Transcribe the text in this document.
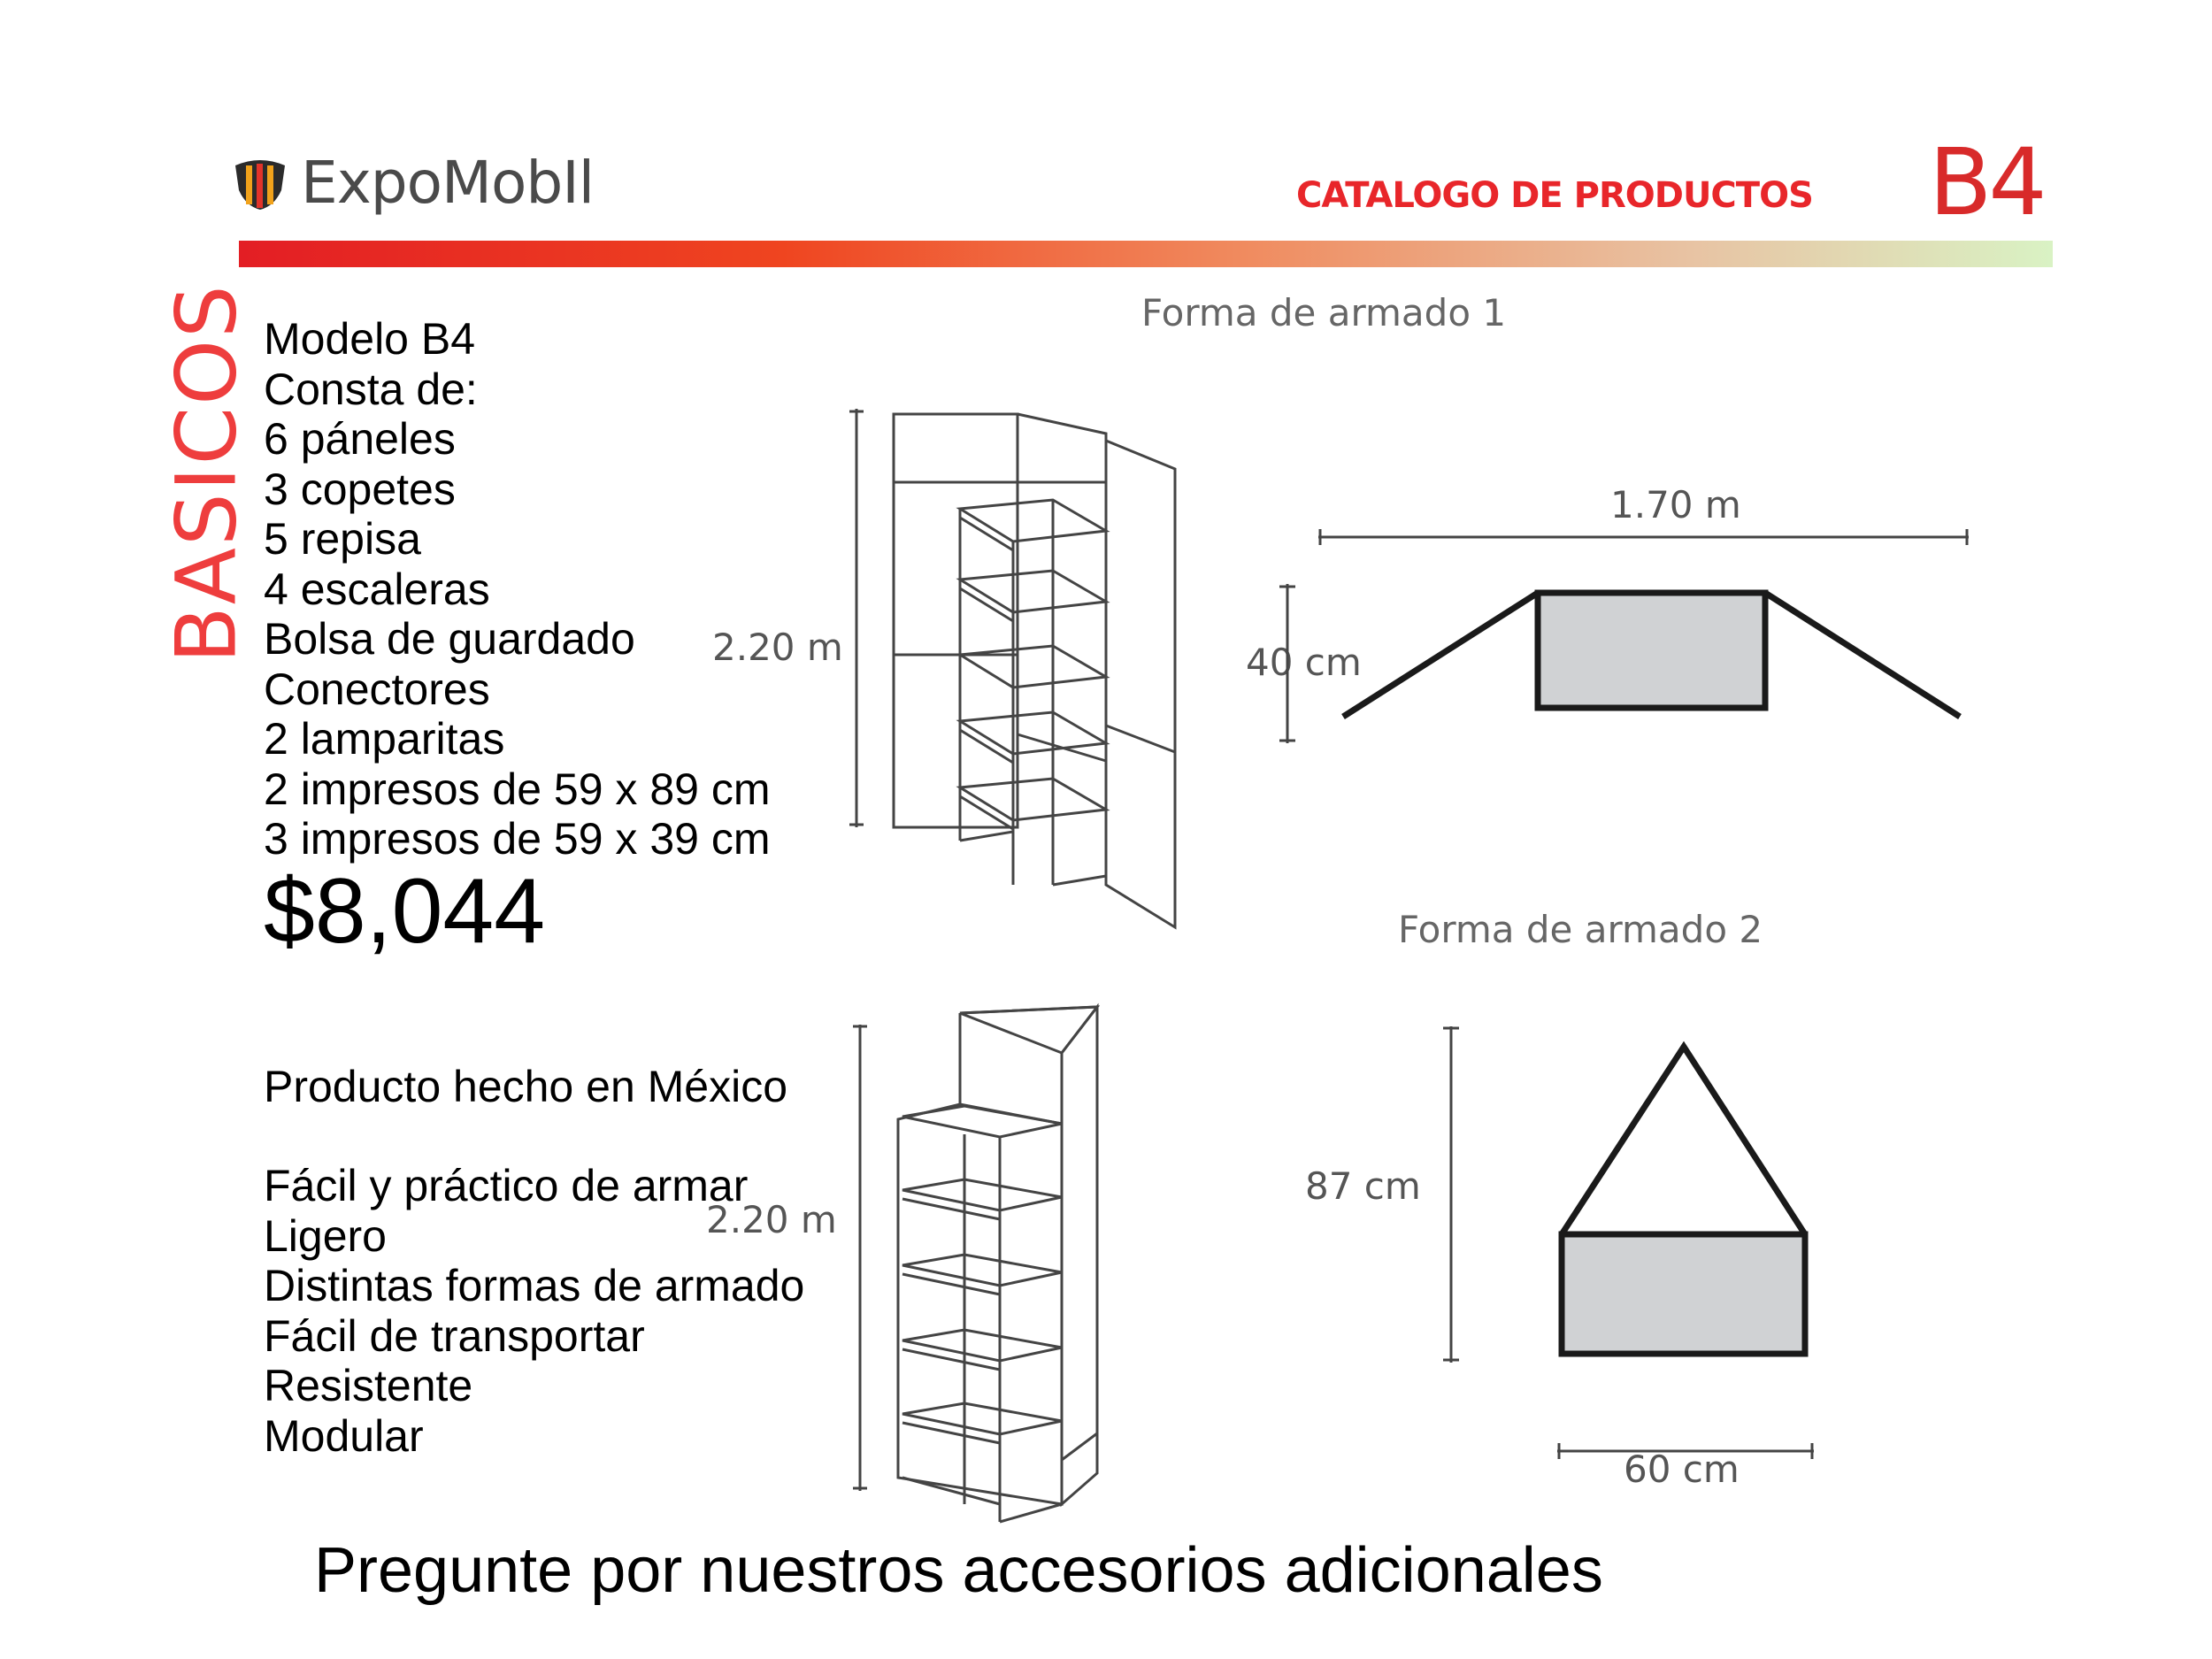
ExpoMobIl	CATALOGO DE PRODUCTOS B4
BASICOS Modelo B4
Consta de:
6 páneles
3 copetes
5 repisa
4 escaleras
Bolsa de guardado
Conectores
2 lamparitas
2 impresos de 59 x 89 cm
3 impresos de 59 x 39 cm
$8,044
Producto hecho en México
Fácil y práctico de armar
Ligero
Distintas formas de armado
Fácil de transportar
Resistente
Modular
Forma de armado 1
2.20 m
1.70 m
40 cm
Forma de armado 2
2.20 m
87 cm
60 cm
Pregunte por nuestros accesorios adicionales
